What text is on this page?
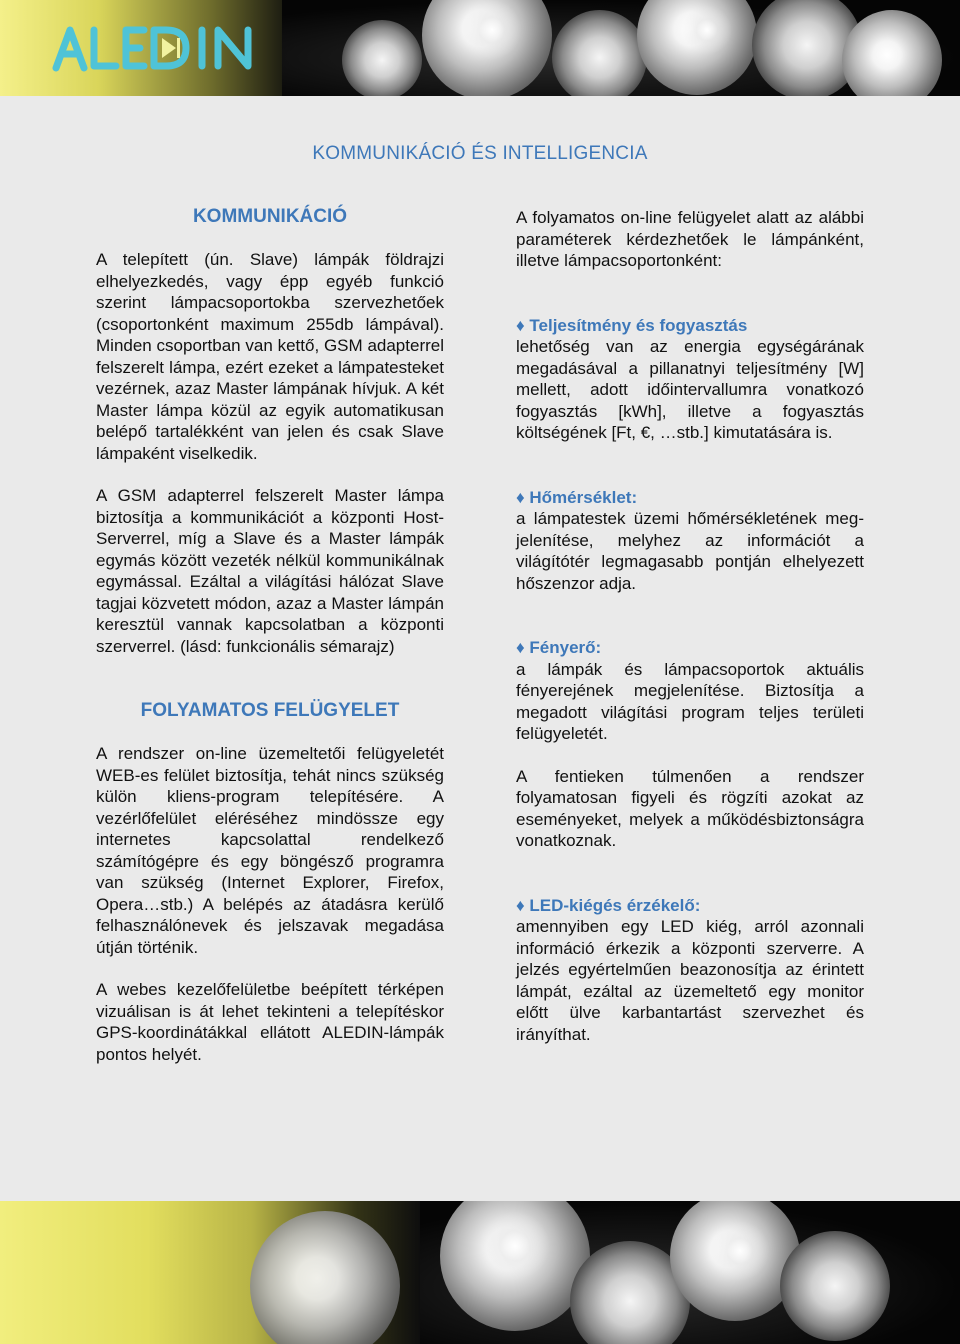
KOMMUNIKÁCIÓ ÉS INTELLIGENCIA
KOMMUNIKÁCIÓ

A telepített (ún. Slave) lámpák földrajzi elhelyezkedés, vagy épp egyéb funkció szerint lámpacsoportokba szervezhetőek (csoportonként maximum 255db lámpával). Minden csoportban van kettő, GSM adapterrel felszerelt lámpa, ezért ezeket a lámpatesteket vezérnek, azaz Master lámpának hívjuk. A két Master lámpa közül az egyik automatikusan belépő tartalékként van jelen és csak Slave lámpaként viselkedik.

A GSM adapterrel felszerelt Master lámpa biztosítja a kommunikációt a központi Host-Serverrel, míg a Slave és a Master lámpák egymás között vezeték nélkül kommunikálnak egymással. Ezáltal a világítási hálózat Slave tagjai közvetett módon, azaz a Master lámpán keresztül vannak kapcsolatban a központi szerverrel. (lásd: funkcionális sémarajz)

FOLYAMATOS FELÜGYELET

A rendszer on-line üzemeltetői felügyeletét WEB-es felület biztosítja, tehát nincs szükség külön kliens-program telepítésére. A vezérlőfelület eléréséhez mindössze egy internetes kapcsolattal rendelkező számítógépre és egy böngésző programra van szükség (Internet Explorer, Firefox, Opera…stb.) A belépés az átadásra kerülő felhasználónevek és jelszavak megadása útján történik.

A webes kezelőfelületbe beépített térképen vizuálisan is át lehet tekinteni a telepítéskor GPS-koordinátákkal ellátott ALEDIN-lámpák pontos helyét.

A folyamatos on-line felügyelet alatt az alábbi paraméterek kérdezhetőek le lámpánként, illetve lámpacsoportonként:

♦ Teljesítmény és fogyasztás

lehetőség van az energia egységárának megadásával a pillanatnyi teljesítmény [W] mellett, adott időintervallumra vonatkozó fogyasztás [kWh], illetve a fogyasztás költségének [Ft, €, …stb.] kimutatására is.

♦ Hőmérséklet:

a lámpatestek üzemi hőmérsékletének meg-jelenítése, melyhez az információt a világítótér legmagasabb pontján elhelyezett hőszenzor adja.

♦ Fényerő:

a lámpák és lámpacsoportok aktuális fényerejének megjelenítése. Biztosítja a megadott világítási program teljes területi felügyeletét.

A fentieken túlmenően a rendszer folyamatosan figyeli és rögzíti azokat az eseményeket, melyek a működésbiztonságra vonatkoznak.

♦ LED-kiégés érzékelő:

amennyiben egy LED kiég, arról azonnali információ érkezik a központi szerverre. A jelzés egyértelműen beazonosítja az érintett lámpát, ezáltal az üzemeltető egy monitor előtt ülve karbantartást szervezhet és irányíthat.
